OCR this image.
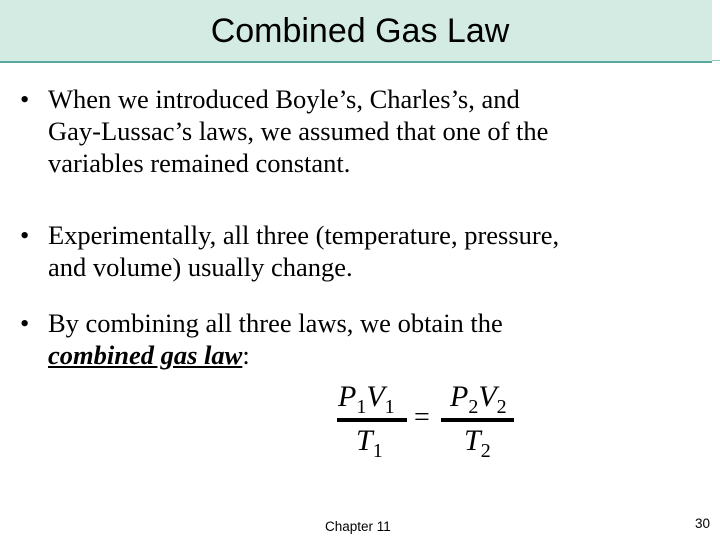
Combined Gas Law
• When we introduced Boyle’s, Charles’s, and
Gay-Lussac’s laws, we assumed that one of the
variables remained constant.
• Experimentally, all three (temperature, pressure,
and volume) usually change.
• By combining all three laws, we obtain the
combined gas law:
$P_1V_1$
$T_1$
=
$P_2V_2$
$T_2$
Chapter 11	30
